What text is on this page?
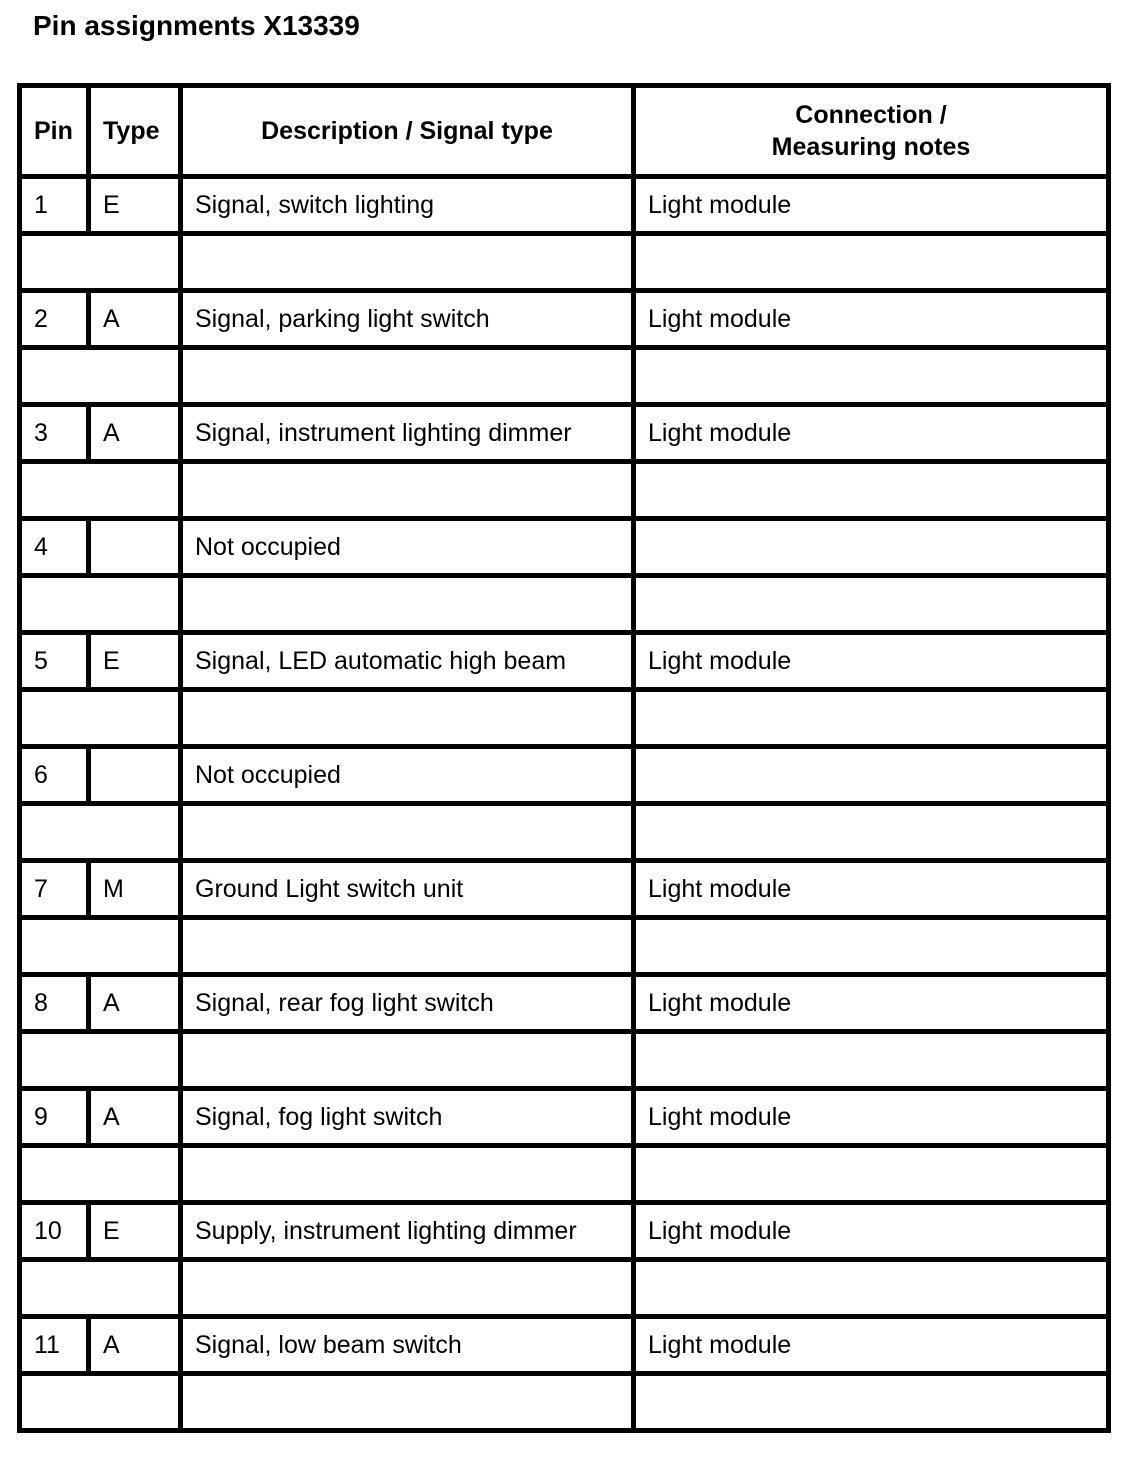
Pin assignments X13339
Pin	Type	Description / Signal type	Connection /
Measuring notes

1	E	Signal, switch lighting	Light module

2	A	Signal, parking light switch	Light module

3	A	Signal, instrument lighting dimmer	Light module

4		Not occupied	

5	E	Signal, LED automatic high beam	Light module

6		Not occupied	

7	M	Ground Light switch unit	Light module

8	A	Signal, rear fog light switch	Light module

9	A	Signal, fog light switch	Light module

10	E	Supply, instrument lighting dimmer	Light module

11	A	Signal, low beam switch	Light module
